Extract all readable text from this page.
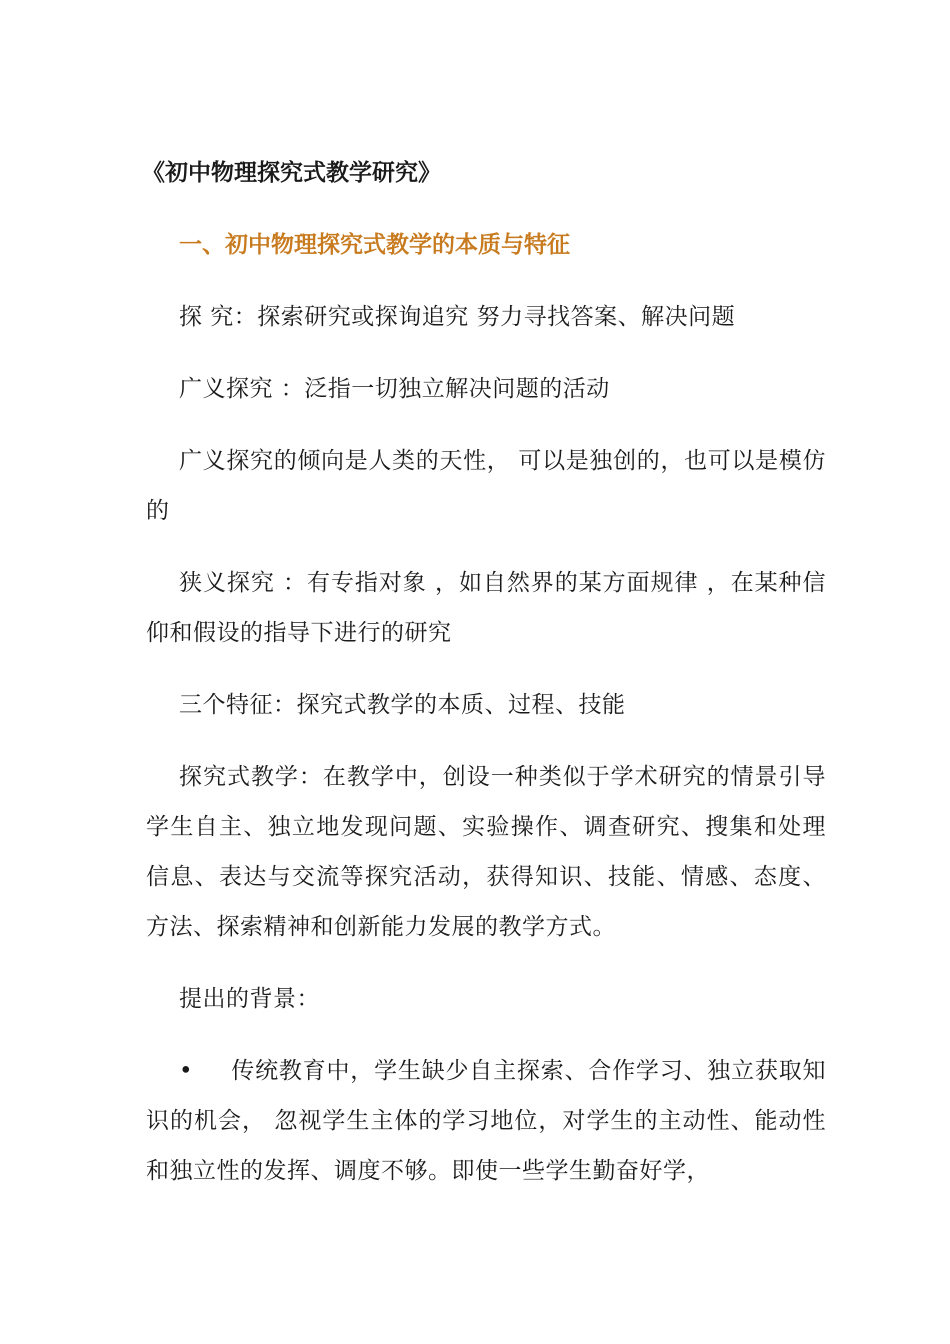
《初中物理探究式教学研究》
一、初中物理探究式教学的本质与特征

探 究：探索研究或探询追究 努力寻找答案、解决问题

广义探究 ：泛指一切独立解决问题的活动

广义探究的倾向是人类的天性， 可以是独创的，也可以是模仿的

狭义探究 ：有专指对象 ，如自然界的某方面规律 ，在某种信仰和假设的指导下进行的研究

三个特征：探究式教学的本质、过程、技能

探究式教学：在教学中，创设一种类似于学术研究的情景引导学生自主、独立地发现问题、实验操作、调查研究、搜集和处理信息、表达与交流等探究活动，获得知识、技能、情感、态度、方法、探索精神和创新能力发展的教学方式。

提出的背景：

• 传统教育中，学生缺少自主探索、合作学习、独立获取知识的机会， 忽视学生主体的学习地位，对学生的主动性、能动性和独立性的发挥、调度不够。即使一些学生勤奋好学，
